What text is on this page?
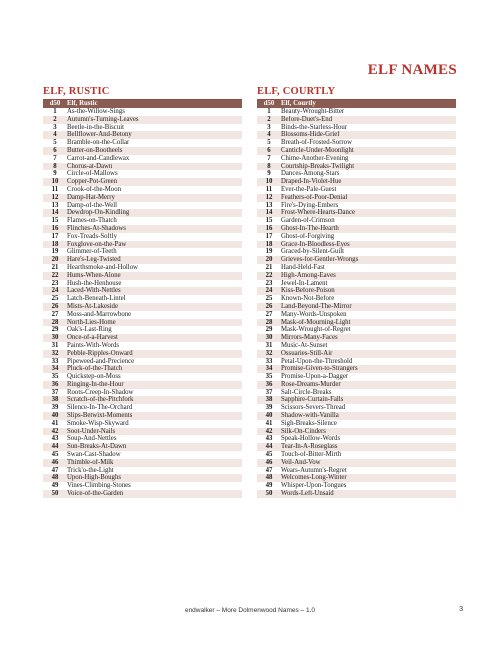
ELF NAMES
ELF, RUSTIC
d50	Elf, Rustic
1	As-the-Willow-Sings
2	Autumn's-Turning-Leaves
3	Beetle-in-the-Biscuit
4	Bellflower-And-Betony
5	Bramble-on-the-Collar
6	Butter-on-Bootheels
7	Carrot-and-Candlewax
8	Chorus-at-Dawn
9	Circle-of-Mallows
10	Copper-Pot-Green
11	Crook-of-the-Moon
12	Damp-Hat-Merry
13	Damp-of-the-Well
14	Dewdrop-On-Kindling
15	Flames-on-Thatch
16	Flinches-At-Shadows
17	Fox-Treads-Softly
18	Foxglove-on-the-Paw
19	Glimmer-of-Teeth
20	Hare's-Leg-Twisted
21	Hearthsmoke-and-Hollow
22	Hums-When-Alone
23	Hush-the-Henhouse
24	Laced-With-Nettles
25	Latch-Beneath-Lintel
26	Mists-At-Lakeside
27	Moss-and-Marrowbone
28	North-Lies-Home
29	Oak's-Last-Ring
30	Once-of-a-Harvest
31	Paints-With-Words
32	Pebble-Ripples-Onward
33	Pipeweed-and-Precience
34	Pluck-of-the-Thatch
35	Quickstep-on-Moss
36	Ringing-In-the-Hour
37	Roots-Creep-In-Shadow
38	Scratch-of-the-Pitchfork
39	Silence-In-The-Orchard
40	Slips-Betwixt-Moments
41	Smoke-Wisp-Skyward
42	Soot-Under-Nails
43	Soup-And-Nettles
44	Sun-Breaks-At-Dawn
45	Swan-Cast-Shadow
46	Thimble-of-Milk
47	Trick'o-the-Light
48	Upon-High-Boughs
49	Vines-Climbing-Stones
50	Voice-of-the-Garden
ELF, COURTLY
d50	Elf, Courtly
1	Beauty-Wrought-Bitter
2	Before-Duet's-End
3	Binds-the-Starless-Hour
4	Blossoms-Hide-Grief
5	Breath-of-Frosted-Sorrow
6	Canticle-Under-Moonlight
7	Chime-Another-Evening
8	Courtship-Breaks-Twilight
9	Dances-Among-Stars
10	Draped-In-Violet-Hue
11	Ever-the-Pale-Guest
12	Feathers-of-Poor-Denial
13	Fire's-Dying-Embers
14	Frost-Where-Hearts-Dance
15	Garden-of-Crimson
16	Ghost-In-The-Hearth
17	Ghost-of-Forgiving
18	Grace-In-Bloodless-Eyes
19	Graced-by-Silent-Guilt
20	Grieves-for-Gentler-Wrongs
21	Hand-Held-Fast
22	High-Among-Eaves
23	Jewel-In-Lament
24	Kiss-Before-Poison
25	Known-Not-Before
26	Land-Beyond-The-Mirror
27	Many-Words-Unspoken
28	Mask-of-Mourning-Light
29	Mask-Wrought-of-Regret
30	Mirrors-Many-Faces
31	Music-At-Sunset
32	Ossuaries-Still-Air
33	Petal-Upon-the-Threshold
34	Promise-Given-to-Strangers
35	Promise-Upon-a-Dagger
36	Rose-Dreams-Murder
37	Salt-Circle-Breaks
38	Sapphire-Curtain-Falls
39	Scissors-Severs-Thread
40	Shadow-with-Vanilla
41	Sigh-Breaks-Silence
42	Silk-On-Cinders
43	Speak-Hollow-Words
44	Tear-In-A-Roseglass
45	Touch-of-Bitter-Mirth
46	Veil-And-Vow
47	Wears-Autumn's-Regret
48	Welcomes-Long-Winter
49	Whisper-Upon-Tongues
50	Words-Left-Unsaid
endwalker – More Dolmenwood Names – 1.0	3
